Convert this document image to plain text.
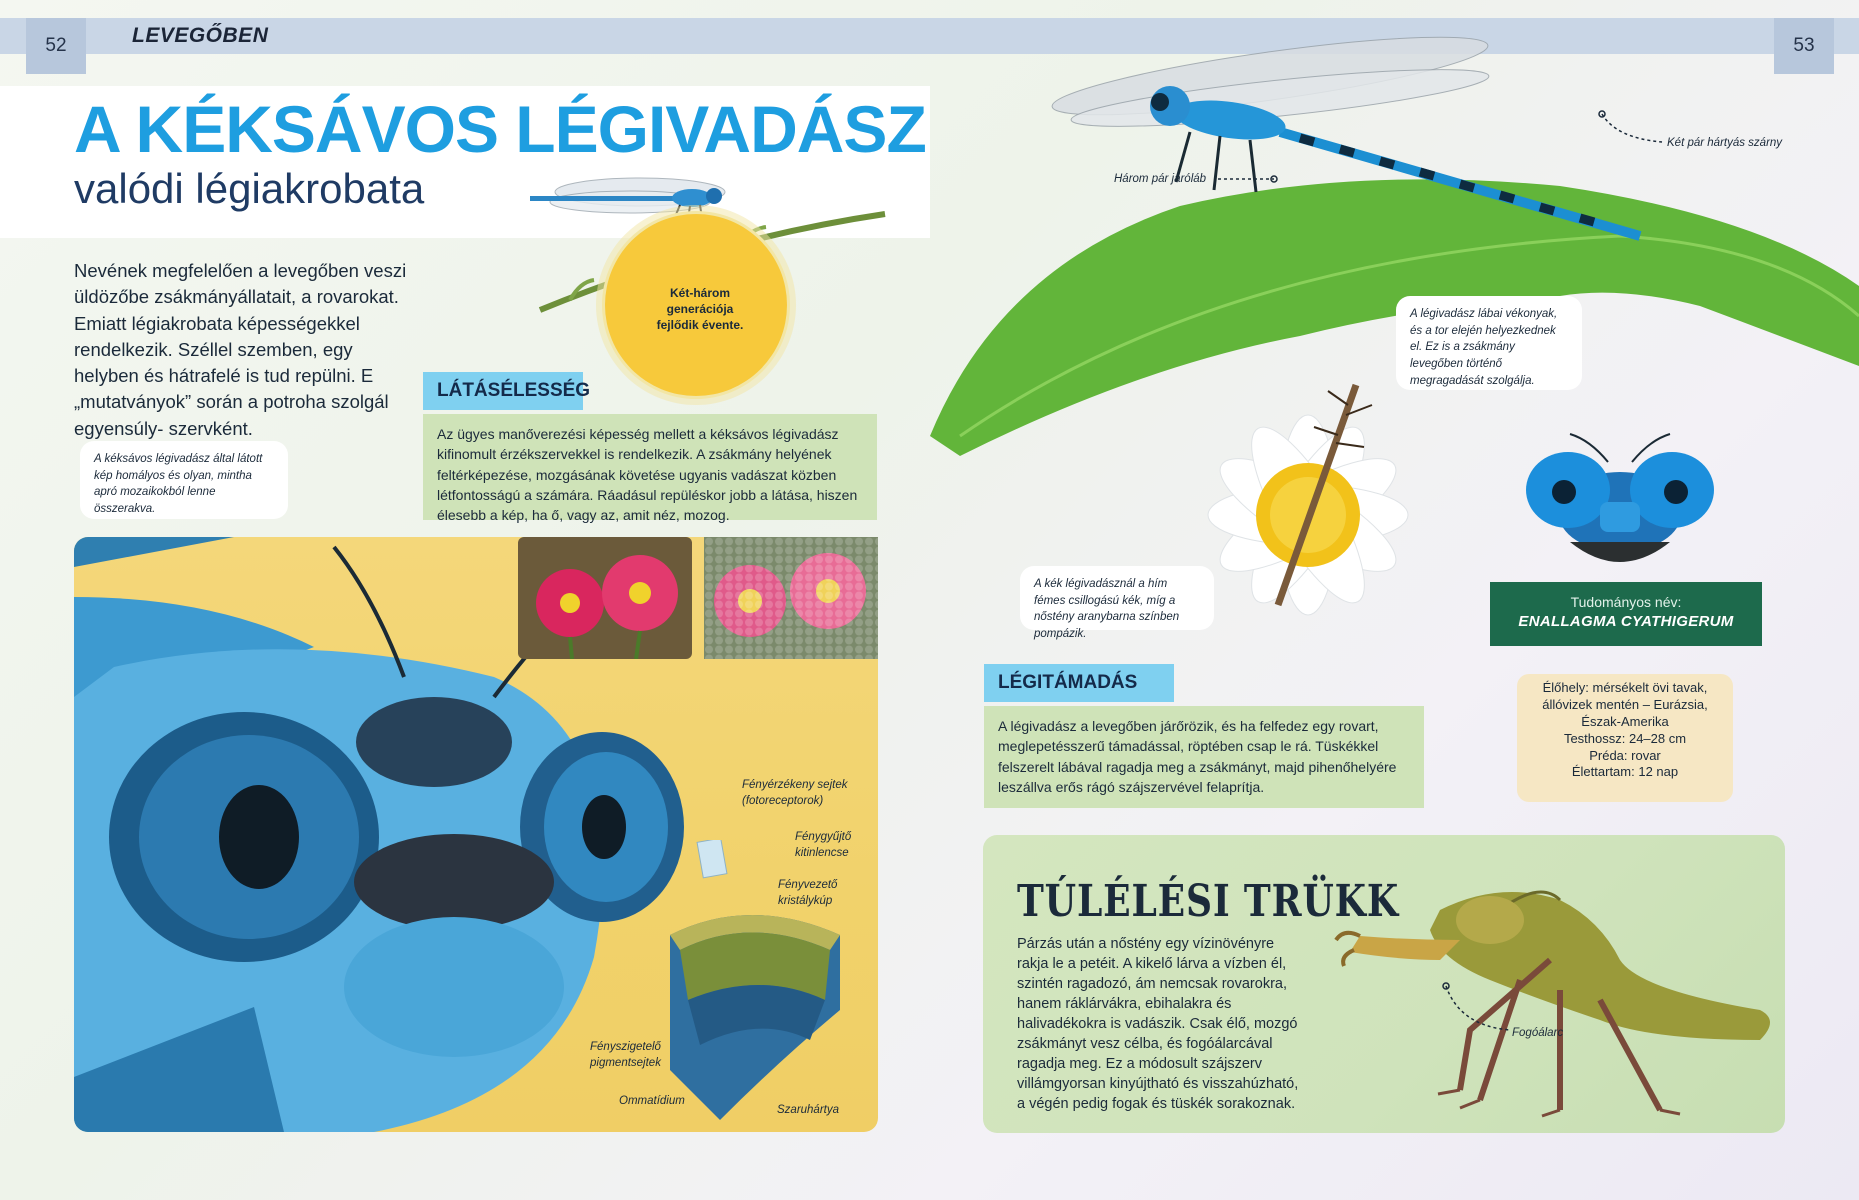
52	53
LEVEGŐBEN
A KÉKSÁVOS LÉGIVADÁSZ
valódi légiakrobata
Nevének megfelelően a levegőben veszi üldözőbe zsákmányállatait, a rovarokat. Emiatt légiakrobata képességekkel rendelkezik. Széllel szemben, egy helyben és hátrafelé is tud repülni. E „mutatványok” során a potroha szolgál egyensúly- szervként.
A kéksávos légivadász által látott kép homályos és olyan, mintha apró mozaikokból lenne összerakva.
Két-három generációja fejlődik évente.
LÁTÁSÉLESSÉG
Az ügyes manőverezési képesség mellett a kéksávos légivadász kifinomult érzékszervekkel is rendelkezik. A zsákmány helyének feltérképezése, mozgásának követése ugyanis vadászat közben létfontosságú a számára. Ráadásul repüléskor jobb a látása, hiszen élesebb a kép, ha ő, vagy az, amit néz, mozog.
Fényérzékeny sejtek (fotoreceptorok)
Fénygyűjtő kitinlencse
Fényvezető kristálykúp
Fényszigetelő pigmentsejtek
Ommatídium
Szaruhártya
Három pár járóláb
Két pár hártyás szárny
A légivadász lábai vékonyak, és a tor elején helyezkednek el. Ez is a zsákmány levegőben történő megragadását szolgálja.
A kék légivadásznál a hím fémes csillogású kék, míg a nőstény aranybarna színben pompázik.
Tudományos név:
ENALLAGMA CYATHIGERUM
Élőhely: mérsékelt övi tavak,
állóvizek mentén – Eurázsia,
Észak-Amerika
Testhossz: 24–28 cm
Préda: rovar
Élettartam: 12 nap
LÉGITÁMADÁS
A légivadász a levegőben járőrözik, és ha felfedez egy rovart, meglepetésszerű támadással, röptében csap le rá. Tüskékkel felszerelt lábával ragadja meg a zsákmányt, majd pihenőhelyére leszállva erős rágó szájszervével felaprítja.
TÚLÉLÉSI TRÜKK
Párzás után a nőstény egy vízinövényre rakja le a petéit. A kikelő lárva a vízben él, szintén ragadozó, ám nemcsak rovarokra, hanem ráklárvákra, ebihalakra és halivadékokra is vadászik. Csak élő, mozgó zsákmányt vesz célba, és fogóálarcával ragadja meg. Ez a módosult szájszerv villámgyorsan kinyújtható és visszahúzható, a végén pedig fogak és tüskék sorakoznak.
Fogóálarc
